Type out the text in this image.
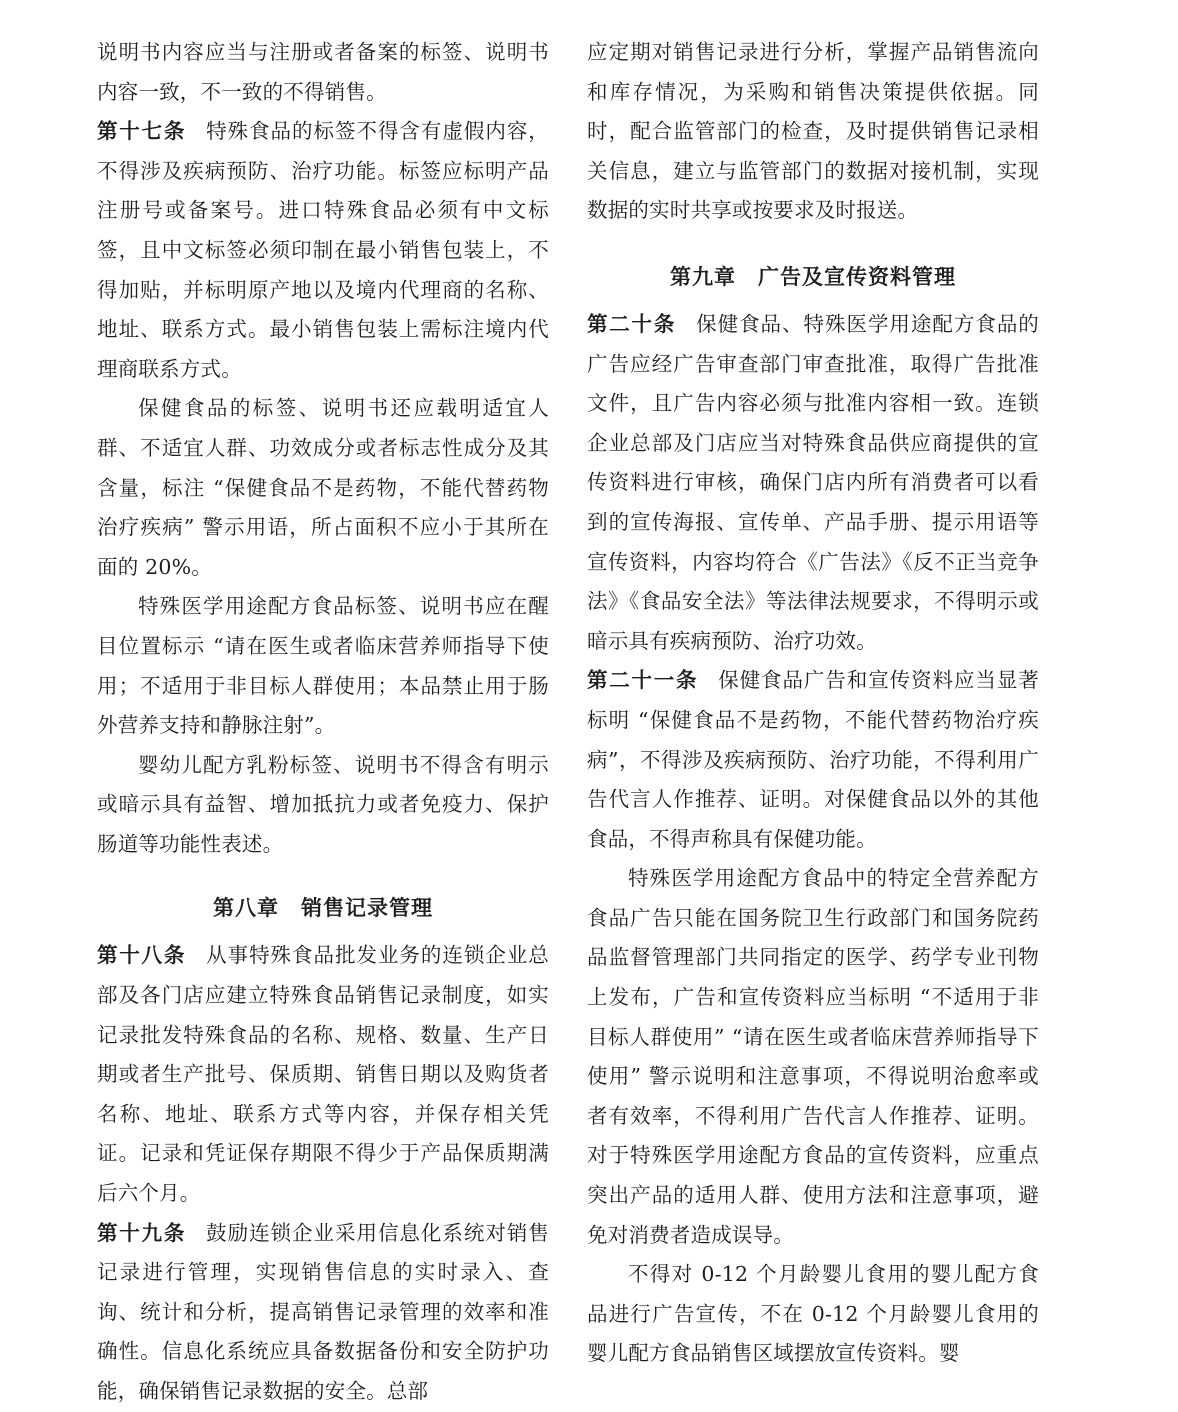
说明书内容应当与注册或者备案的标签、说明书内容一致，不一致的不得销售。

第十七条 特殊食品的标签不得含有虚假内容，不得涉及疾病预防、治疗功能。标签应标明产品注册号或备案号。进口特殊食品必须有中文标签，且中文标签必须印制在最小销售包装上，不得加贴，并标明原产地以及境内代理商的名称、地址、联系方式。最小销售包装上需标注境内代理商联系方式。

保健食品的标签、说明书还应载明适宜人群、不适宜人群、功效成分或者标志性成分及其含量，标注 “保健食品不是药物，不能代替药物治疗疾病” 警示用语，所占面积不应小于其所在面的 20%。

特殊医学用途配方食品标签、说明书应在醒目位置标示 “请在医生或者临床营养师指导下使用；不适用于非目标人群使用；本品禁止用于肠外营养支持和静脉注射”。

婴幼儿配方乳粉标签、说明书不得含有明示或暗示具有益智、增加抵抗力或者免疫力、保护肠道等功能性表述。

第八章 销售记录管理

第十八条 从事特殊食品批发业务的连锁企业总部及各门店应建立特殊食品销售记录制度，如实记录批发特殊食品的名称、规格、数量、生产日期或者生产批号、保质期、销售日期以及购货者名称、地址、联系方式等内容，并保存相关凭证。记录和凭证保存期限不得少于产品保质期满后六个月。

第十九条 鼓励连锁企业采用信息化系统对销售记录进行管理，实现销售信息的实时录入、查询、统计和分析，提高销售记录管理的效率和准确性。信息化系统应具备数据备份和安全防护功能，确保销售记录数据的安全。总部

应定期对销售记录进行分析，掌握产品销售流向和库存情况，为采购和销售决策提供依据。同时，配合监管部门的检查，及时提供销售记录相关信息，建立与监管部门的数据对接机制，实现数据的实时共享或按要求及时报送。

第九章 广告及宣传资料管理

第二十条 保健食品、特殊医学用途配方食品的广告应经广告审查部门审查批准，取得广告批准文件，且广告内容必须与批准内容相一致。连锁企业总部及门店应当对特殊食品供应商提供的宣传资料进行审核，确保门店内所有消费者可以看到的宣传海报、宣传单、产品手册、提示用语等宣传资料，内容均符合《广告法》《反不正当竞争法》《食品安全法》等法律法规要求，不得明示或暗示具有疾病预防、治疗功效。

第二十一条 保健食品广告和宣传资料应当显著标明 “保健食品不是药物，不能代替药物治疗疾病”，不得涉及疾病预防、治疗功能，不得利用广告代言人作推荐、证明。对保健食品以外的其他食品，不得声称具有保健功能。

特殊医学用途配方食品中的特定全营养配方食品广告只能在国务院卫生行政部门和国务院药品监督管理部门共同指定的医学、药学专业刊物上发布，广告和宣传资料应当标明 “不适用于非目标人群使用” “请在医生或者临床营养师指导下使用” 警示说明和注意事项，不得说明治愈率或者有效率，不得利用广告代言人作推荐、证明。对于特殊医学用途配方食品的宣传资料，应重点突出产品的适用人群、使用方法和注意事项，避免对消费者造成误导。

不得对 0-12 个月龄婴儿食用的婴儿配方食品进行广告宣传，不在 0-12 个月龄婴儿食用的婴儿配方食品销售区域摆放宣传资料。婴
